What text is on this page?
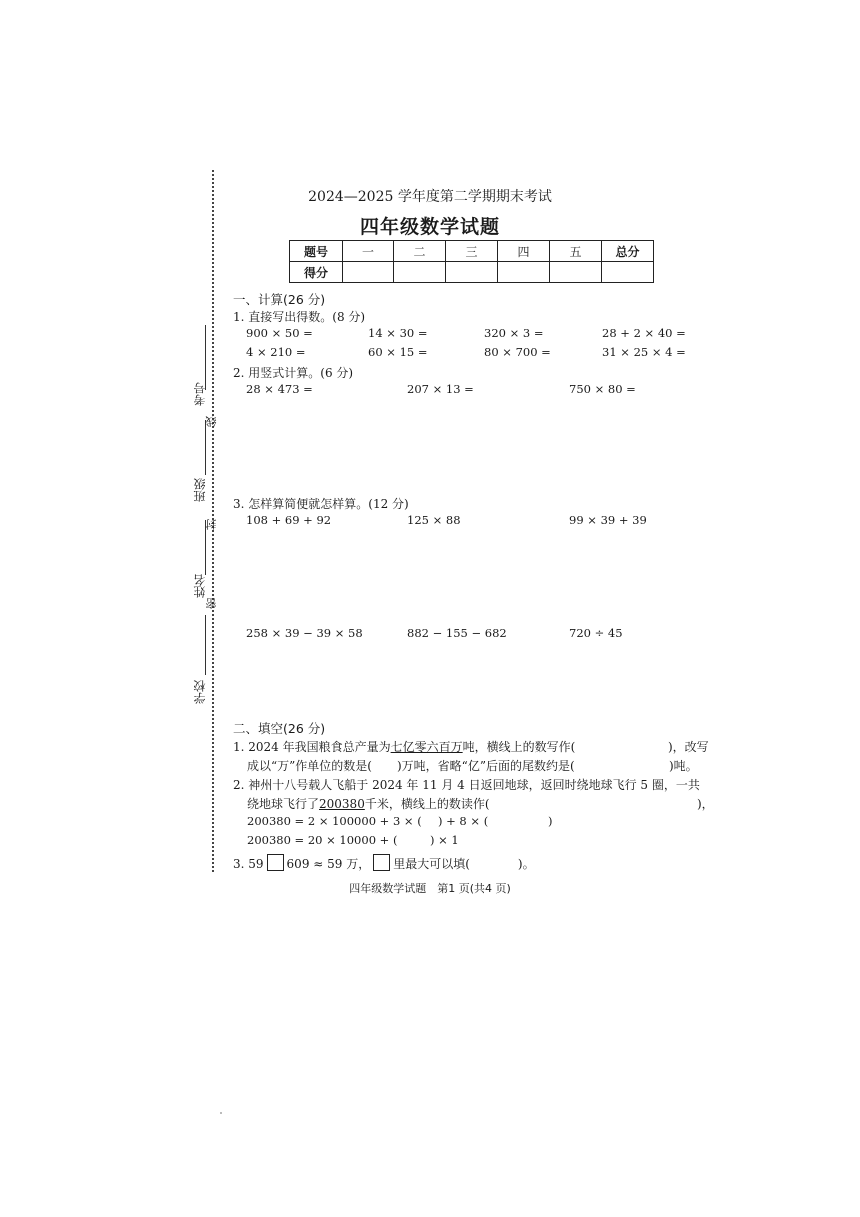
考号
线
班级
封
姓名
密
学校
2024—2025 学年度第二学期期末考试
四年级数学试题
题号	一	二	三	四	五	总分
得分						
一、计算(26 分)
1. 直接写出得数。(8 分)
900 × 50 =	14 × 30 =	320 × 3 =	28 + 2 × 40 =
4 × 210 =	60 × 15 =	80 × 700 =	31 × 25 × 4 =
2. 用竖式计算。(6 分)
28 × 473 =	207 × 13 =	750 × 80 =
3. 怎样算简便就怎样算。(12 分)
108 + 69 + 92	125 × 88	99 × 39 + 39
258 × 39 − 39 × 58	882 − 155 − 682	720 ÷ 45
二、填空(26 分)
1. 2024 年我国粮食总产量为七亿零六百万吨，横线上的数写作(	)，改写
成以“万”作单位的数是( )万吨，省略“亿”后面的尾数约是(	)吨。
2. 神州十八号载人飞船于 2024 年 11 月 4 日返回地球，返回时绕地球飞行 5 圈，一共
绕地球飞行了200380千米，横线上的数读作(	)，
200380 = 2 × 100000 + 3 × ( ) + 8 × (	)
200380 = 20 × 10000 + (	) × 1
3. 59 609 ≈ 59 万， 里最大可以填(	)。
四年级数学试题　第1 页(共4 页)
